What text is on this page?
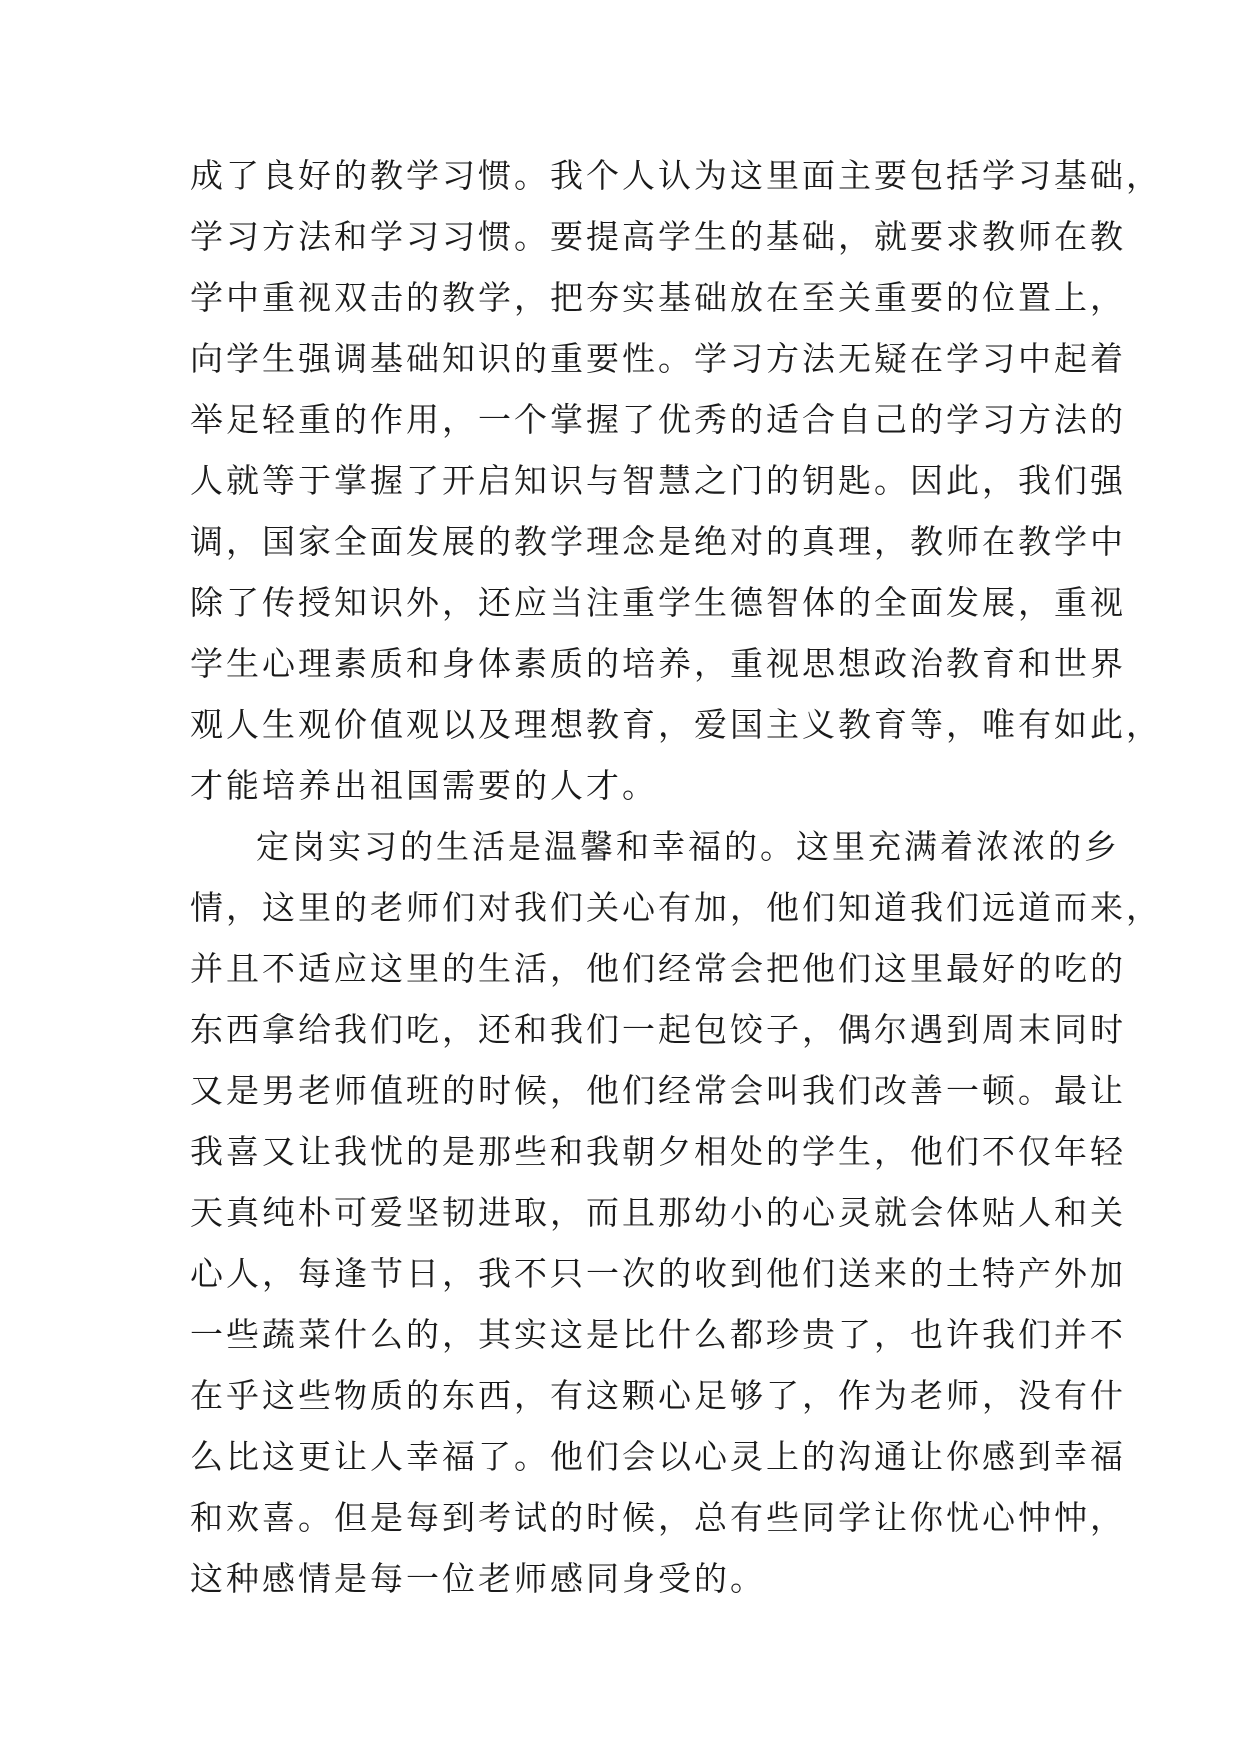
成了良好的教学习惯。我个人认为这里面主要包括学习基础，
学习方法和学习习惯。要提高学生的基础，就要求教师在教
学中重视双击的教学，把夯实基础放在至关重要的位置上，
向学生强调基础知识的重要性。学习方法无疑在学习中起着
举足轻重的作用，一个掌握了优秀的适合自己的学习方法的
人就等于掌握了开启知识与智慧之门的钥匙。因此，我们强
调，国家全面发展的教学理念是绝对的真理，教师在教学中
除了传授知识外，还应当注重学生德智体的全面发展，重视
学生心理素质和身体素质的培养，重视思想政治教育和世界
观人生观价值观以及理想教育，爱国主义教育等，唯有如此，
才能培养出祖国需要的人才。
定岗实习的生活是温馨和幸福的。这里充满着浓浓的乡
情，这里的老师们对我们关心有加，他们知道我们远道而来，
并且不适应这里的生活，他们经常会把他们这里最好的吃的
东西拿给我们吃，还和我们一起包饺子，偶尔遇到周末同时
又是男老师值班的时候，他们经常会叫我们改善一顿。最让
我喜又让我忧的是那些和我朝夕相处的学生，他们不仅年轻
天真纯朴可爱坚韧进取，而且那幼小的心灵就会体贴人和关
心人，每逢节日，我不只一次的收到他们送来的土特产外加
一些蔬菜什么的，其实这是比什么都珍贵了，也许我们并不
在乎这些物质的东西，有这颗心足够了，作为老师，没有什
么比这更让人幸福了。他们会以心灵上的沟通让你感到幸福
和欢喜。但是每到考试的时候，总有些同学让你忧心忡忡，
这种感情是每一位老师感同身受的。
